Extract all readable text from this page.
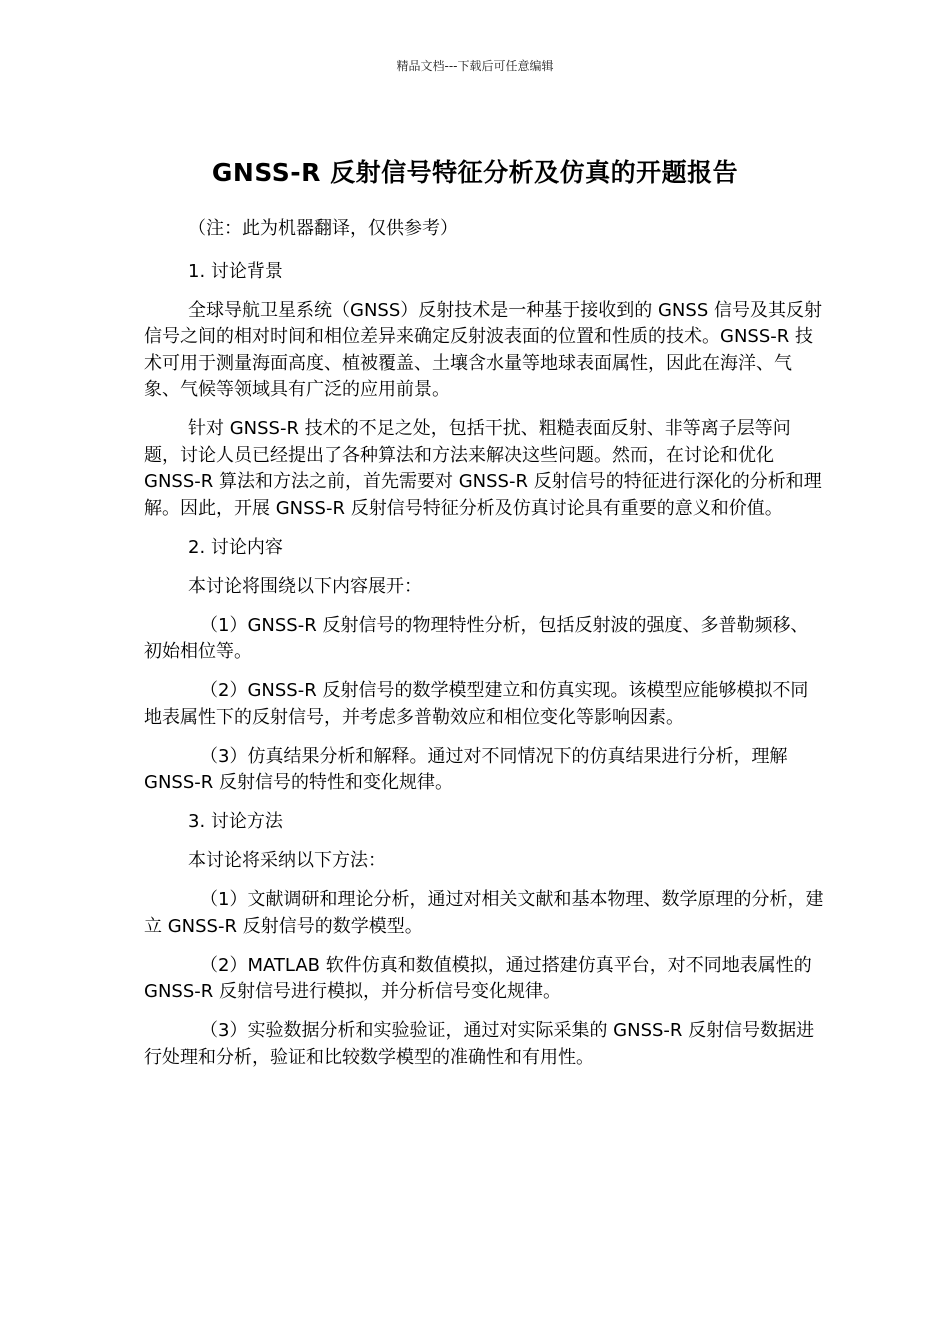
精品文档---下载后可任意编辑
GNSS-R 反射信号特征分析及仿真的开题报告

（注：此为机器翻译，仅供参考）

1. 讨论背景

全球导航卫星系统（GNSS）反射技术是一种基于接收到的 GNSS 信号及其反射信号之间的相对时间和相位差异来确定反射波表面的位置和性质的技术。GNSS-R 技术可用于测量海面高度、植被覆盖、土壤含水量等地球表面属性，因此在海洋、气象、气候等领域具有广泛的应用前景。

针对 GNSS-R 技术的不足之处，包括干扰、粗糙表面反射、非等离子层等问题，讨论人员已经提出了各种算法和方法来解决这些问题。然而，在讨论和优化 GNSS-R 算法和方法之前，首先需要对 GNSS-R 反射信号的特征进行深化的分析和理解。因此，开展 GNSS-R 反射信号特征分析及仿真讨论具有重要的意义和价值。

2. 讨论内容

本讨论将围绕以下内容展开：

（1）GNSS-R 反射信号的物理特性分析，包括反射波的强度、多普勒频移、初始相位等。

（2）GNSS-R 反射信号的数学模型建立和仿真实现。该模型应能够模拟不同地表属性下的反射信号，并考虑多普勒效应和相位变化等影响因素。

（3）仿真结果分析和解释。通过对不同情况下的仿真结果进行分析，理解 GNSS-R 反射信号的特性和变化规律。

3. 讨论方法

本讨论将采纳以下方法：

（1）文献调研和理论分析，通过对相关文献和基本物理、数学原理的分析，建立 GNSS-R 反射信号的数学模型。

（2）MATLAB 软件仿真和数值模拟，通过搭建仿真平台，对不同地表属性的 GNSS-R 反射信号进行模拟，并分析信号变化规律。

（3）实验数据分析和实验验证，通过对实际采集的 GNSS-R 反射信号数据进行处理和分析，验证和比较数学模型的准确性和有用性。
